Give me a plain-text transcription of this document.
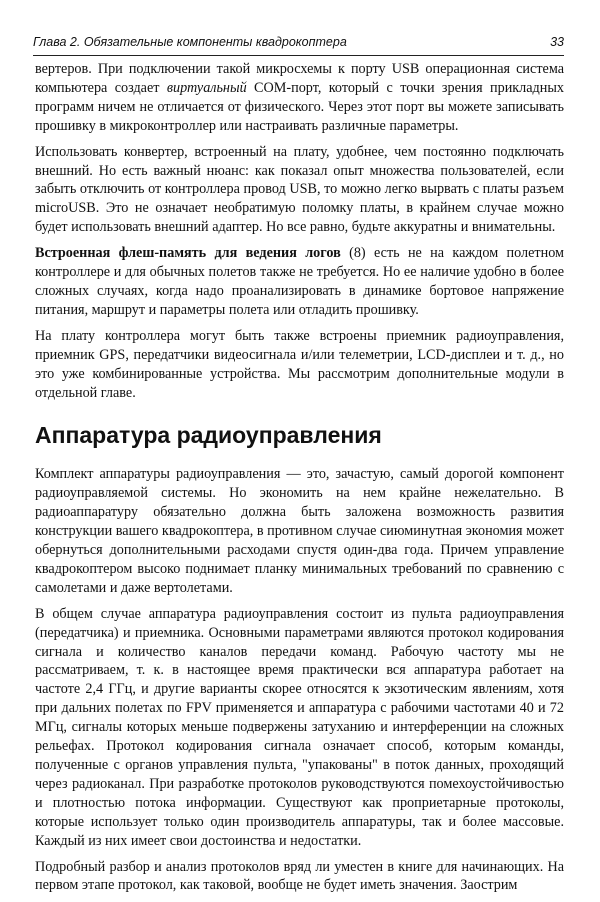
Глава 2. Обязательные компоненты квадрокоптера	33

вертеров. При подключении такой микросхемы к порту USB операционная система компьютера создает виртуальный COM-порт, который с точки зрения прикладных программ ничем не отличается от физического. Через этот порт вы можете записывать прошивку в микроконтроллер или настраивать различные параметры.

Использовать конвертер, встроенный на плату, удобнее, чем постоянно подключать внешний. Но есть важный нюанс: как показал опыт множества пользователей, если забыть отключить от контроллера провод USB, то можно легко вырвать с платы разъем microUSB. Это не означает необратимую поломку платы, в крайнем случае можно будет использовать внешний адаптер. Но все равно, будьте аккуратны и внимательны.

Встроенная флеш-память для ведения логов (8) есть не на каждом полетном контроллере и для обычных полетов также не требуется. Но ее наличие удобно в более сложных случаях, когда надо проанализировать в динамике бортовое напряжение питания, маршрут и параметры полета или отладить прошивку.

На плату контроллера могут быть также встроены приемник радиоуправления, приемник GPS, передатчики видеосигнала и/или телеметрии, LCD-дисплеи и т. д., но это уже комбинированные устройства. Мы рассмотрим дополнительные модули в отдельной главе.

Аппаратура радиоуправления

Комплект аппаратуры радиоуправления — это, зачастую, самый дорогой компонент радиоуправляемой системы. Но экономить на нем крайне нежелательно. В радиоаппаратуру обязательно должна быть заложена возможность развития конструкции вашего квадрокоптера, в противном случае сиюминутная экономия может обернуться дополнительными расходами спустя один-два года. Причем управление квадрокоптером высоко поднимает планку минимальных требований по сравнению с самолетами и даже вертолетами.

В общем случае аппаратура радиоуправления состоит из пульта радиоуправления (передатчика) и приемника. Основными параметрами являются протокол кодирования сигнала и количество каналов передачи команд. Рабочую частоту мы не рассматриваем, т. к. в настоящее время практически вся аппаратура работает на частоте 2,4 ГГц, и другие варианты скорее относятся к экзотическим явлениям, хотя при дальних полетах по FPV применяется и аппаратура с рабочими частотами 40 и 72 МГц, сигналы которых меньше подвержены затуханию и интерференции на сложных рельефах. Протокол кодирования сигнала означает способ, которым команды, полученные с органов управления пульта, "упакованы" в поток данных, проходящий через радиоканал. При разработке протоколов руководствуются помехоустойчивостью и плотностью потока информации. Существуют как проприетарные протоколы, которые использует только один производитель аппаратуры, так и более массовые. Каждый из них имеет свои достоинства и недостатки.

Подробный разбор и анализ протоколов вряд ли уместен в книге для начинающих. На первом этапе протокол, как таковой, вообще не будет иметь значения. Заострим
